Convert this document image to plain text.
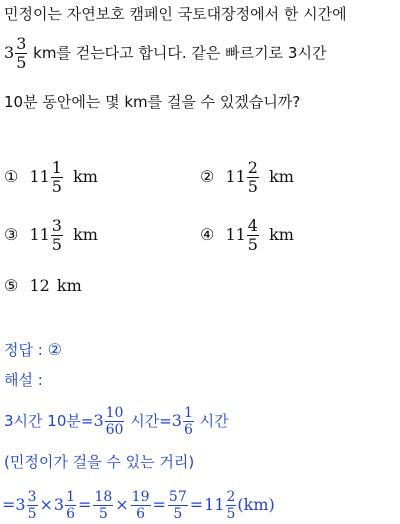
민정이는 자연보호 캠페인 국토대장정에서 한 시간에
$3 \frac{3}{5}$ km를 걷는다고 합니다. 같은 빠르기로 3시간
10분 동안에는 몇 km를 걸을 수 있겠습니까?
① $11 \frac{1}{5}$ km	② $11 \frac{2}{5}$ km
③ $11 \frac{3}{5}$ km	④ $11 \frac{4}{5}$ km
⑤ 12 km
정답 : ②
해설 :
3시간 10분$=3 \frac{10}{60}$ 시간$=3 \frac{1}{6}$ 시간
(민정이가 걸을 수 있는 거리)
$=3 \frac{3}{5} \times 3 \frac{1}{6} = \frac{18}{5} \times \frac{19}{6} = \frac{57}{5} =11 \frac{2}{5} (km)$
